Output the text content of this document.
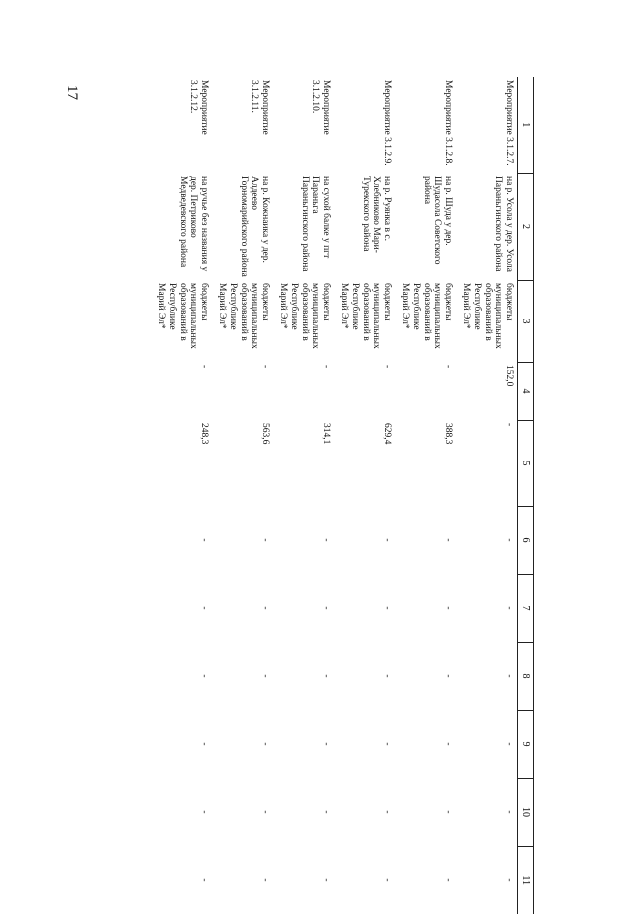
17
1	2	3	4	5	6	7	8	9	10	11
Мероприятие 3.1.2.7.	на р. Усола у дер. Усола Параньгинского района	бюджеты муниципальных образований в Республике Марий Эл*	152,0	-	-	-	-	-	-	-
Мероприятие 3.1.2.8.	на р. Шуда у дер. Шудасола Советского района	бюджеты муниципальных образований в Республике Марий Эл*	-	388,3	-	-	-	-	-	-
Мероприятие 3.1.2.9.	на р. Руянка в с. Хлебниково Мари-Турекского района	бюджеты муниципальных образований в Республике Марий Эл*	-	629,4	-	-	-	-	-	-
Мероприятие 3.1.2.10.	на сухой балке у пгт Параньга Параньгинского района	бюджеты муниципальных образований в Республике Марий Эл*	-	314,1	-	-	-	-	-	-
Мероприятие 3.1.2.11.	на р. Кожнаика у дер. Алдеево Горномарийского района	бюджеты муниципальных образований в Республике Марий Эл*	-	563,6	-	-	-	-	-	-
Мероприятие 3.1.2.12.	на ручье без названия у дер. Петриково Медведевского района	бюджеты муниципальных образований в Республике Марий Эл*	-	248,3	-	-	-	-	-	-
